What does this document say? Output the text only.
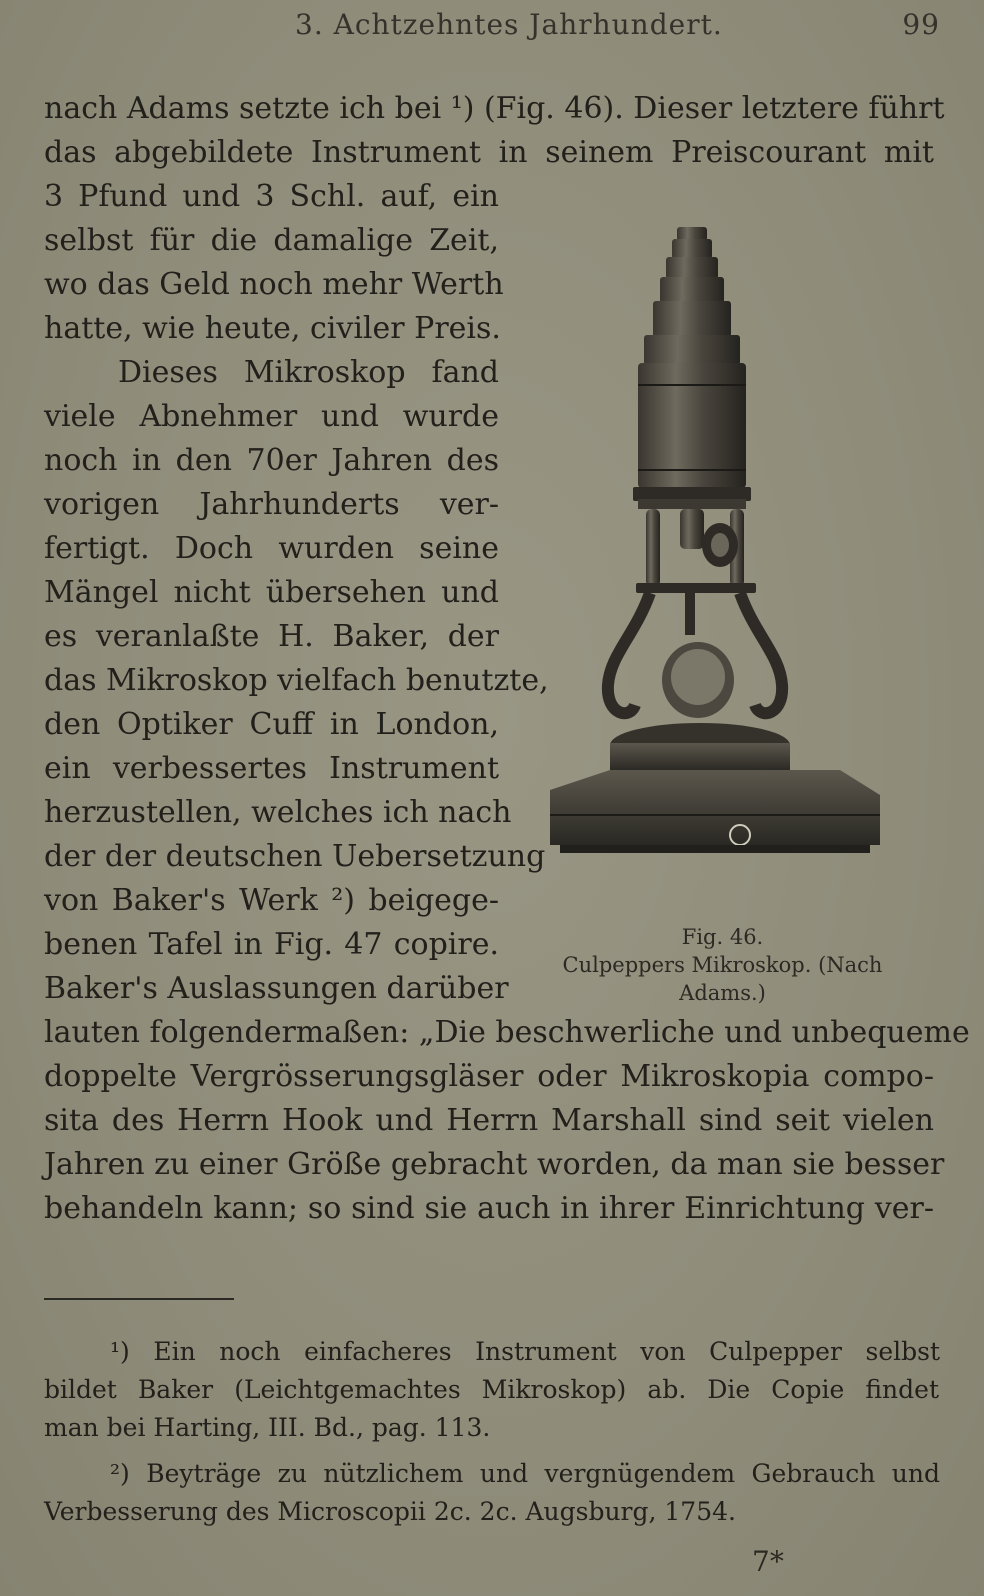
3. Achtzehntes Jahrhundert.	99
nach Adams setzte ich bei ¹) (Fig. 46). Dieser letztere führt
das abgebildete Instrument in seinem Preiscourant mit
3 Pfund und 3 Schl. auf, ein
selbst für die damalige Zeit,
wo das Geld noch mehr Werth
hatte, wie heute, civiler Preis.
Dieses Mikroskop fand
viele Abnehmer und wurde
noch in den 70er Jahren des
vorigen Jahrhunderts ver-
fertigt. Doch wurden seine
Mängel nicht übersehen und
es veranlaßte H. Baker, der
das Mikroskop vielfach benutzte,
den Optiker Cuff in London,
ein verbessertes Instrument
herzustellen, welches ich nach
der der deutschen Uebersetzung
von Baker's Werk ²) beigege-
benen Tafel in Fig. 47 copire.
Baker's Auslassungen darüber
lauten folgendermaßen: „Die beschwerliche und unbequeme
doppelte Vergrösserungsgläser oder Mikroskopia compo-
sita des Herrn Hook und Herrn Marshall sind seit vielen
Jahren zu einer Größe gebracht worden, da man sie besser
behandeln kann; so sind sie auch in ihrer Einrichtung ver-
Fig. 46.
Culpeppers Mikroskop. (Nach
Adams.)
¹) Ein noch einfacheres Instrument von Culpepper selbst
bildet Baker (Leichtgemachtes Mikroskop) ab. Die Copie findet
man bei Harting, III. Bd., pag. 113.
²) Beyträge zu nützlichem und vergnügendem Gebrauch und
Verbesserung des Microscopii 2c. 2c. Augsburg, 1754.
7*
